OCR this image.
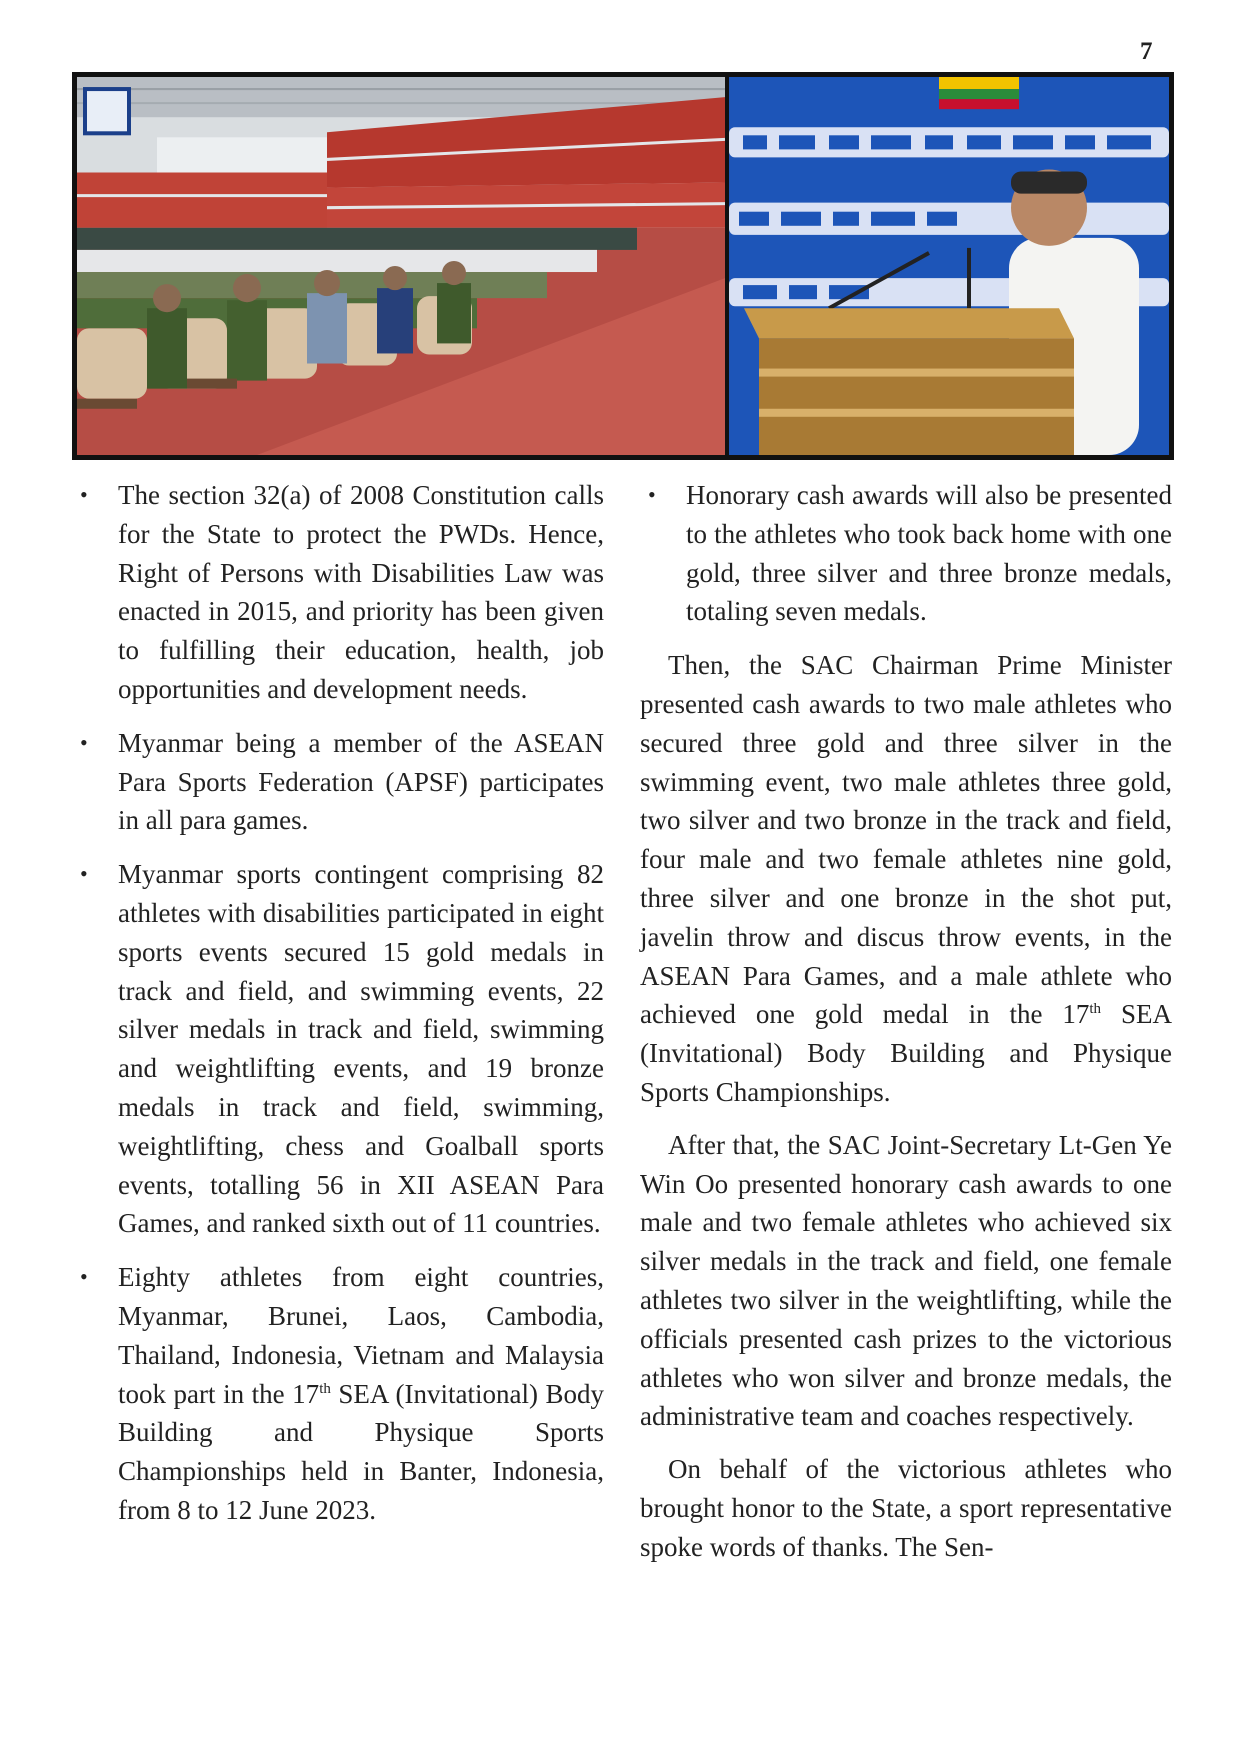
7
• The section 32(a) of 2008 Constitution calls for the State to protect the PWDs. Hence, Right of Persons with Disabilities Law was enacted in 2015, and priority has been given to fulfilling their education, health, job opportunities and development needs.
• Myanmar being a member of the ASEAN Para Sports Federation (APSF) participates in all para games.
• Myanmar sports contingent comprising 82 athletes with disabilities participated in eight sports events secured 15 gold medals in track and field, and swimming events, 22 silver medals in track and field, swimming and weightlifting events, and 19 bronze medals in track and field, swimming, weightlifting, chess and Goalball sports events, totalling 56 in XII ASEAN Para Games, and ranked sixth out of 11 countries.
• Eighty athletes from eight countries, Myanmar, Brunei, Laos, Cambodia, Thailand, Indonesia, Vietnam and Malaysia took part in the 17th SEA (Invitational) Body Building and Physique Sports Championships held in Banter, Indonesia, from 8 to 12 June 2023.
• Honorary cash awards will also be presented to the athletes who took back home with one gold, three silver and three bronze medals, totaling seven medals.

Then, the SAC Chairman Prime Minister presented cash awards to two male athletes who secured three gold and three silver in the swimming event, two male athletes three gold, two silver and two bronze in the track and field, four male and two female athletes nine gold, three silver and one bronze in the shot put, javelin throw and discus throw events, in the ASEAN Para Games, and a male athlete who achieved one gold medal in the 17th SEA (Invitational) Body Building and Physique Sports Championships.

After that, the SAC Joint-Secretary Lt-Gen Ye Win Oo presented honorary cash awards to one male and two female athletes who achieved six silver medals in the track and field, one female athletes two silver in the weightlifting, while the officials presented cash prizes to the victorious athletes who won silver and bronze medals, the administrative team and coaches respectively.

On behalf of the victorious athletes who brought honor to the State, a sport representative spoke words of thanks. The Sen-
